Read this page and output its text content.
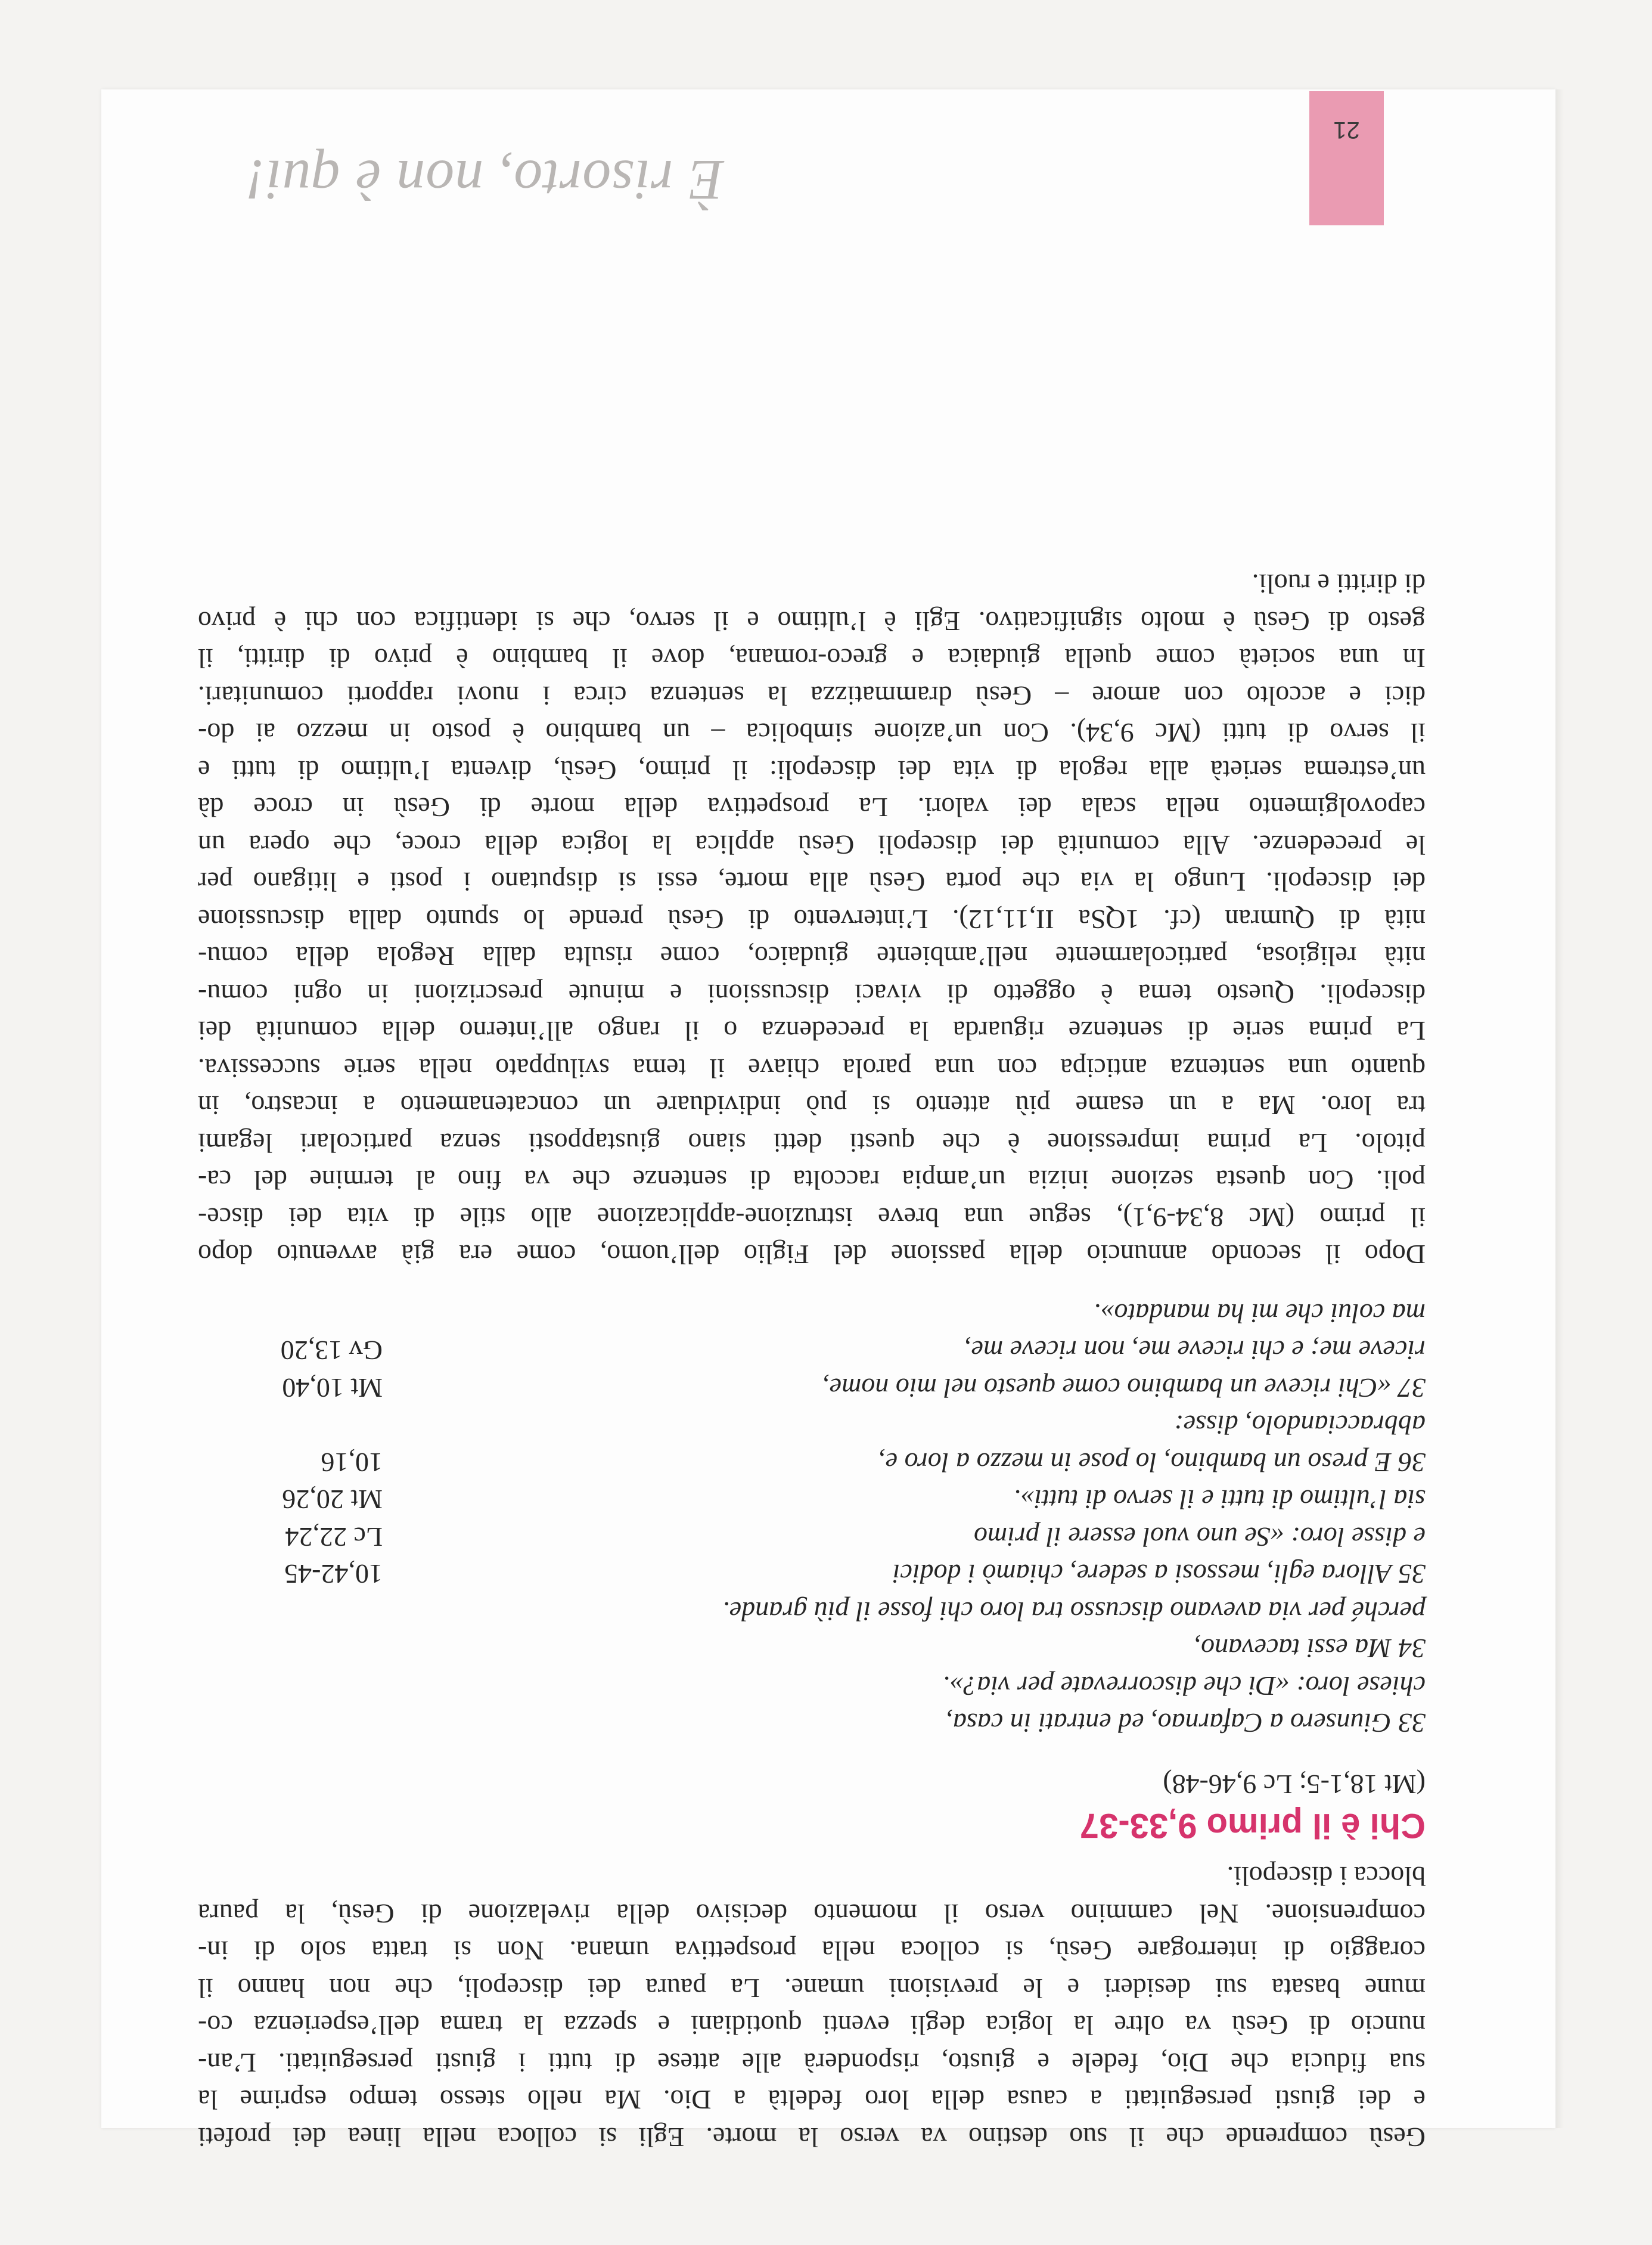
Gesù comprende che il suo destino va verso la morte. Egli si colloca nella linea dei profeti

e dei giusti perseguitati a causa della loro fedeltà a Dio. Ma nello stesso tempo esprime la

sua fiducia che Dio, fedele e giusto, risponderà alle attese di tutti i giusti perseguitati. L’an-

nuncio di Gesù va oltre la logica degli eventi quotidiani e spezza la trama dell’esperienza co-

mune basata sui desideri e le previsioni umane. La paura dei discepoli, che non hanno il

coraggio di interrogare Gesù, si colloca nella prospettiva umana. Non si tratta solo di in-

comprensione. Nel cammino verso il momento decisivo della rivelazione di Gesù, la paura

blocca i discepoli.

Chi è il primo 9,33-37

(Mt 18,1-5; Lc 9,46-48)

33 Giunsero a Cafarnao, ed entrati in casa,
chiese loro: «Di che discorrevate per via?».
34 Ma essi tacevano,
perché per via avevano discusso tra loro chi fosse il più grande.
35 Allora egli, messosi a sedere, chiamò i dodici
10,42-45
e disse loro: «Se uno vuol essere il primo
Lc 22,24
sia l’ultimo di tutti e il servo di tutti».
Mt 20,26
36 E preso un bambino, lo pose in mezzo a loro e,
10,16
abbracciandolo, disse:
37 «Chi riceve un bambino come questo nel mio nome,
Mt 10,40
riceve me; e chi riceve me, non riceve me,
Gv 13,20
ma colui che mi ha mandato».

Dopo il secondo annuncio della passione del Figlio dell’uomo, come era già avvenuto dopo

il primo (Mc 8,34-9,1), segue una breve istruzione-applicazione allo stile di vita dei disce-

poli. Con questa sezione inizia un’ampia raccolta di sentenze che va fino al termine del ca-

pitolo. La prima impressione è che questi detti siano giustapposti senza particolari legami

tra loro. Ma a un esame più attento si può individuare un concatenamento a incastro, in

quanto una sentenza anticipa con una parola chiave il tema sviluppato nella serie successiva.

La prima serie di sentenze riguarda la precedenza o il rango all’interno della comunità dei

discepoli. Questo tema è oggetto di vivaci discussioni e minute prescrizioni in ogni comu-

nità religiosa, particolarmente nell’ambiente giudaico, come risulta dalla Regola della comu-

nità di Qumran (cf. 1QSa II,11,12). L’intervento di Gesù prende lo spunto dalla discussione

dei discepoli. Lungo la via che porta Gesù alla morte, essi si disputano i posti e litigano per

le precedenze. Alla comunità dei discepoli Gesù applica la logica della croce, che opera un

capovolgimento nella scala dei valori. La prospettiva della morte di Gesù in croce dà

un’estrema serietà alla regola di vita dei discepoli: il primo, Gesù, diventa l’ultimo di tutti e

il servo di tutti (Mc 9,34). Con un’azione simbolica – un bambino è posto in mezzo ai do-

dici e accolto con amore – Gesù drammatizza la sentenza circa i nuovi rapporti comunitari.

In una società come quella giudaica e greco-romana, dove il bambino è privo di diritti, il

gesto di Gesù è molto significativo. Egli è l’ultimo e il servo, che si identifica con chi è privo

di diritti e ruoli.

21
È risorto, non è qui!
